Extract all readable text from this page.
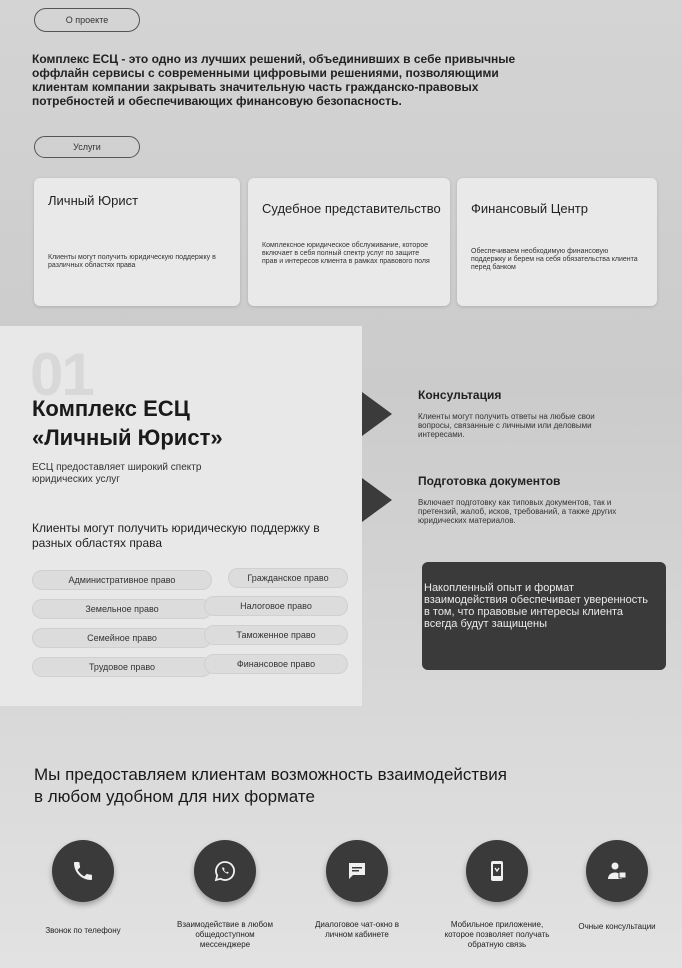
О проекте

Комплекс ЕСЦ - это одно из лучших решений, объединивших в себе привычные оффлайн сервисы с современными цифровыми решениями, позволяющими клиентам компании закрывать значительную часть гражданско-правовых потребностей и обеспечивающих финансовую безопасность.

Услуги
Личный Юрист

Клиенты могут получить юридическую поддержку в различных областях права

Судебное представительство

Комплексное юридическое обслуживание, которое включает в себя полный спектр услуг по защите прав и интересов клиента в рамках правового поля

Финансовый Центр

Обеспечиваем необходимую финансовую поддержку и берем на себя обязательства клиента перед банком

01
Комплекс ЕСЦ
«Личный Юрист»

ЕСЦ предоставляет широкий спектр юридических услуг

Клиенты могут получить юридическую поддержку в разных областях права

Административное право	Гражданское право
Земельное право	Налоговое право
Семейное право	Таможенное право
Трудовое право	Финансовое право
Консультация

Клиенты могут получить ответы на любые свои вопросы, связанные с личными или деловыми интересами.

Подготовка документов

Включает подготовку как типовых документов, так и претензий, жалоб, исков, требований, а также других юридических материалов.

Накопленный опыт и формат взаимодействия обеспечивает уверенность в том, что правовые интересы клиента всегда будут защищены

Мы предоставляем клиентам возможность взаимодействия
в любом удобном для них формате

Звонок по телефону

Взаимодействие в любом общедоступном мессенджере

Диалоговое чат-окно в личном кабинете

Мобильное приложение, которое позволяет получать обратную связь

Очные консультации
